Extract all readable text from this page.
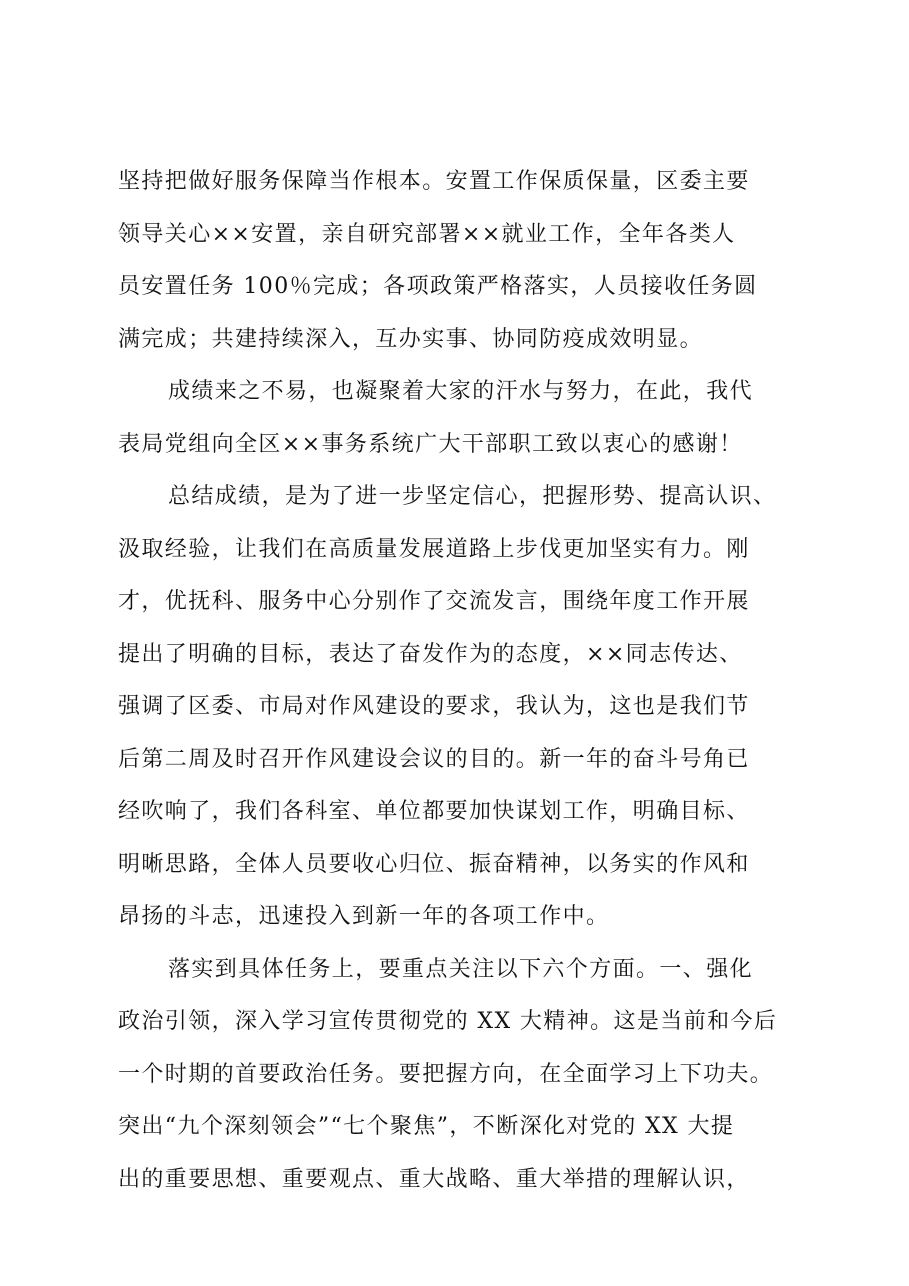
坚持把做好服务保障当作根本。安置工作保质保量，区委主要
领导关心××安置，亲自研究部署××就业工作，全年各类人
员安置任务 100％完成；各项政策严格落实，人员接收任务圆
满完成；共建持续深入，互办实事、协同防疫成效明显。
成绩来之不易，也凝聚着大家的汗水与努力，在此，我代
表局党组向全区××事务系统广大干部职工致以衷心的感谢！
总结成绩，是为了进一步坚定信心，把握形势、提高认识、
汲取经验，让我们在高质量发展道路上步伐更加坚实有力。刚
才，优抚科、服务中心分别作了交流发言，围绕年度工作开展
提出了明确的目标，表达了奋发作为的态度，××同志传达、
强调了区委、市局对作风建设的要求，我认为，这也是我们节
后第二周及时召开作风建设会议的目的。新一年的奋斗号角已
经吹响了，我们各科室、单位都要加快谋划工作，明确目标、
明晰思路，全体人员要收心归位、振奋精神，以务实的作风和
昂扬的斗志，迅速投入到新一年的各项工作中。
落实到具体任务上，要重点关注以下六个方面。一、强化
政治引领，深入学习宣传贯彻党的 XX 大精神。这是当前和今后
一个时期的首要政治任务。要把握方向，在全面学习上下功夫。
突出“九个深刻领会”“七个聚焦”，不断深化对党的 XX 大提
出的重要思想、重要观点、重大战略、重大举措的理解认识，
